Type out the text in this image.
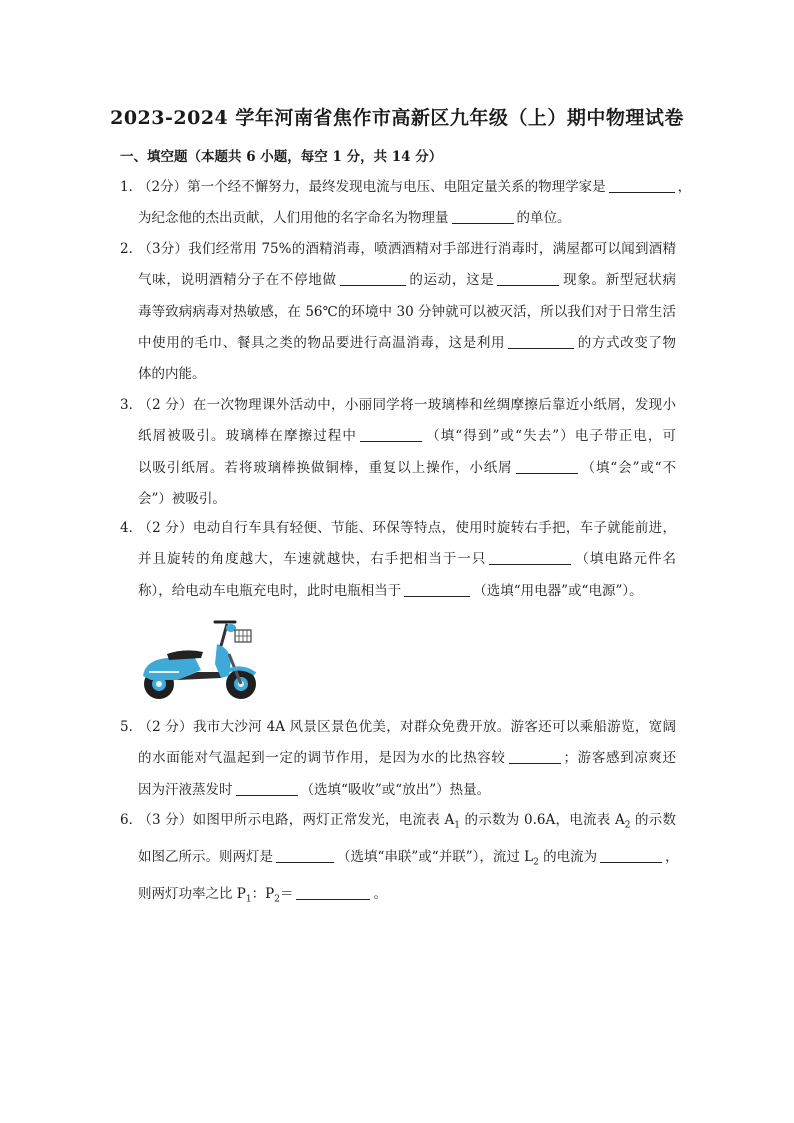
2023-2024 学年河南省焦作市高新区九年级（上）期中物理试卷
一、填空题（本题共 6 小题，每空 1 分，共 14 分）
1．（2分）第一个经不懈努力，最终发现电流与电压、电阻定量关系的物理学家是	，
为纪念他的杰出贡献，人们用他的名字命名为物理量	的单位。
2．（3分）我们经常用 75%的酒精消毒，喷洒酒精对手部进行消毒时，满屋都可以闻到酒精
气味，说明酒精分子在不停地做	的运动，这是	现象。新型冠状病
毒等致病病毒对热敏感，在 56℃的环境中 30 分钟就可以被灭活，所以我们对于日常生活
中使用的毛巾、餐具之类的物品要进行高温消毒，这是利用	的方式改变了物
体的内能。
3．（2 分）在一次物理课外活动中，小丽同学将一玻璃棒和丝绸摩擦后靠近小纸屑，发现小
纸屑被吸引。玻璃棒在摩擦过程中	（填“得到”或“失去”）电子带正电，可
以吸引纸屑。若将玻璃棒换做铜棒，重复以上操作，小纸屑	（填“会”或“不
会”）被吸引。
4．（2 分）电动自行车具有轻便、节能、环保等特点，使用时旋转右手把，车子就能前进，
并且旋转的角度越大，车速就越快，右手把相当于一只	（填电路元件名
称），给电动车电瓶充电时，此时电瓶相当于	（选填“用电器”或“电源”）。
5．（2 分）我市大沙河 4A 风景区景色优美，对群众免费开放。游客还可以乘船游览，宽阔
的水面能对气温起到一定的调节作用，是因为水的比热容较	；游客感到凉爽还
因为汗液蒸发时	（选填“吸收”或“放出”）热量。
6．（3 分）如图甲所示电路，两灯正常发光，电流表 $A_1$ 的示数为 0.6A，电流表 $A_2$ 的示数
如图乙所示。则两灯是	（选填“串联”或“并联”），流过 $L_2$ 的电流为	，
则两灯功率之比 $P_1$：$P_2=$	。
